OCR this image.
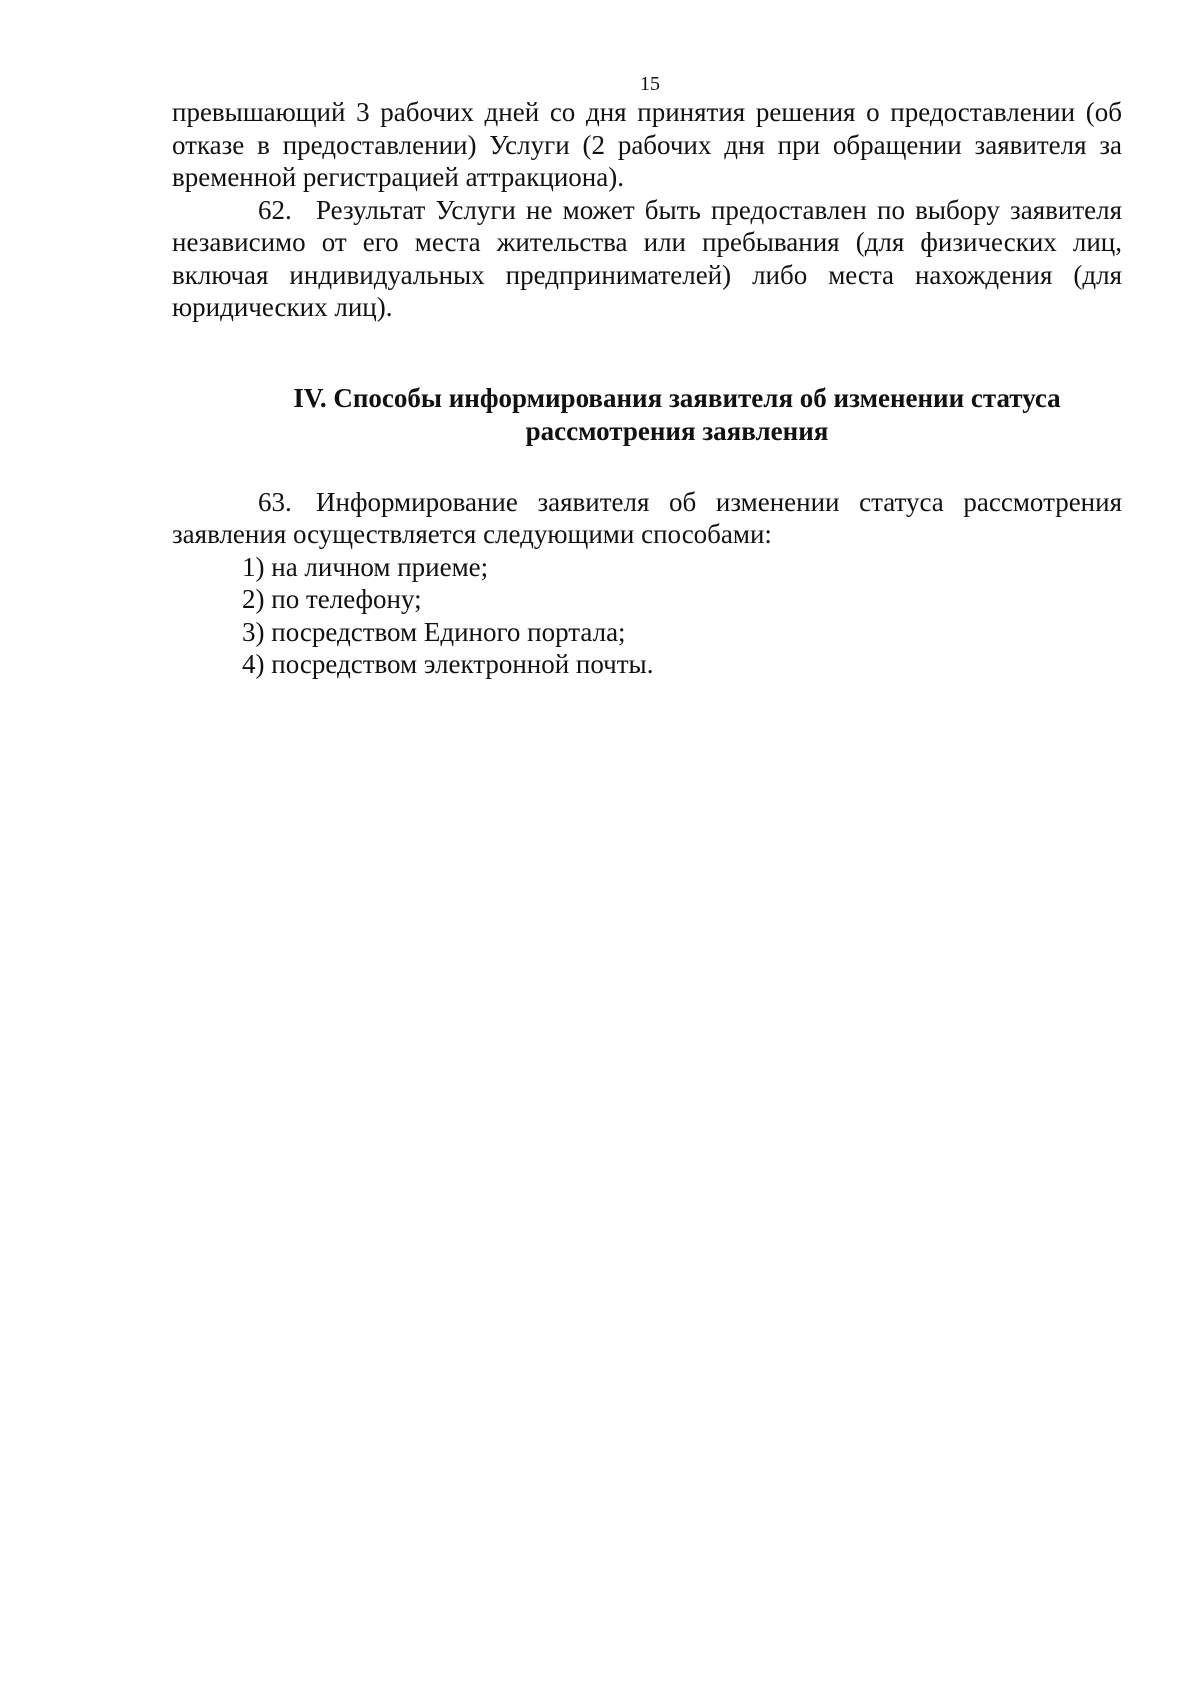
15

превышающий 3 рабочих дней со дня принятия решения о предоставлении (об отказе в предоставлении) Услуги (2 рабочих дня при обращении заявителя за временной регистрацией аттракциона).

62. Результат Услуги не может быть предоставлен по выбору заявителя независимо от его места жительства или пребывания (для физических лиц, включая индивидуальных предпринимателей) либо места нахождения (для юридических лиц).

IV. Способы информирования заявителя об изменении статуса
рассмотрения заявления

63. Информирование заявителя об изменении статуса рассмотрения заявления осуществляется следующими способами:

1) на личном приеме;
2) по телефону;
3) посредством Единого портала;
4) посредством электронной почты.
